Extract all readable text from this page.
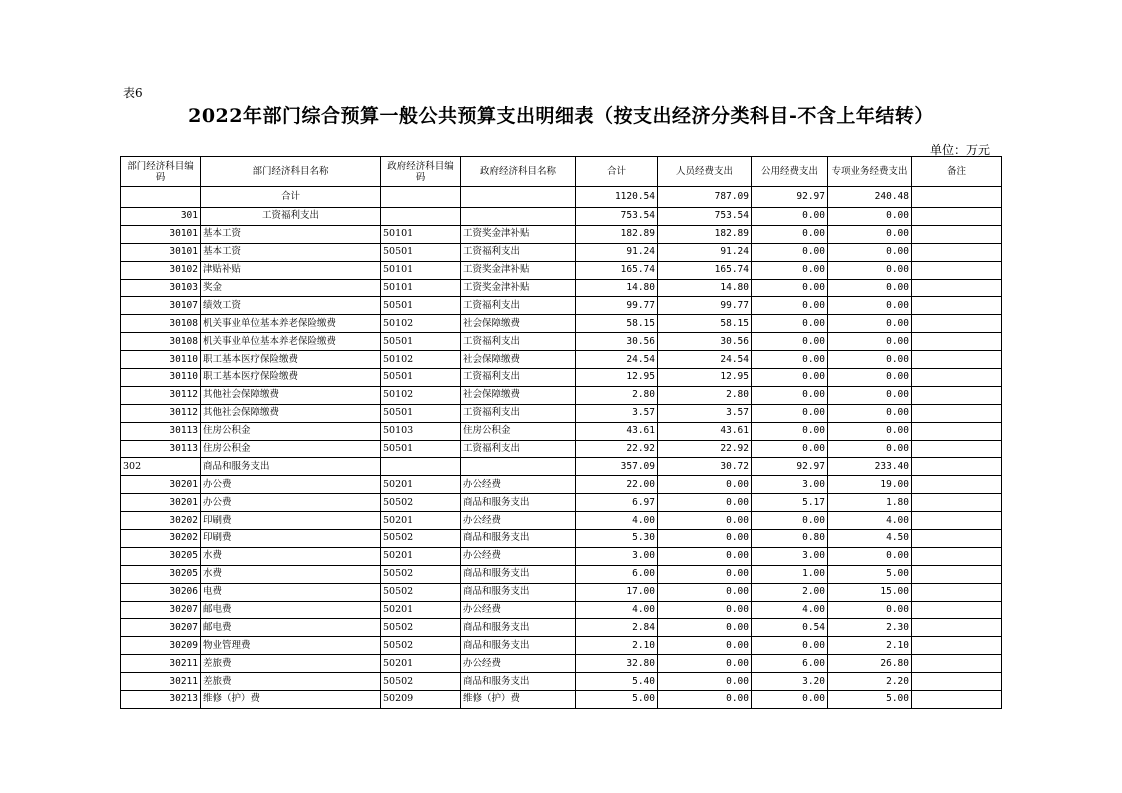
表6
2022年部门综合预算一般公共预算支出明细表（按支出经济分类科目-不含上年结转）
单位：万元
部门经济科目编码	部门经济科目名称	政府经济科目编码	政府经济科目名称	合计	人员经费支出	公用经费支出	专项业务经费支出	备注
	合计			1120.54	787.09	92.97	240.48	
301	工资福利支出			753.54	753.54	0.00	0.00	
30101	基本工资	50101	工资奖金津补贴	182.89	182.89	0.00	0.00	
30101	基本工资	50501	工资福利支出	91.24	91.24	0.00	0.00	
30102	津贴补贴	50101	工资奖金津补贴	165.74	165.74	0.00	0.00	
30103	奖金	50101	工资奖金津补贴	14.80	14.80	0.00	0.00	
30107	绩效工资	50501	工资福利支出	99.77	99.77	0.00	0.00	
30108	机关事业单位基本养老保险缴费	50102	社会保障缴费	58.15	58.15	0.00	0.00	
30108	机关事业单位基本养老保险缴费	50501	工资福利支出	30.56	30.56	0.00	0.00	
30110	职工基本医疗保险缴费	50102	社会保障缴费	24.54	24.54	0.00	0.00	
30110	职工基本医疗保险缴费	50501	工资福利支出	12.95	12.95	0.00	0.00	
30112	其他社会保障缴费	50102	社会保障缴费	2.80	2.80	0.00	0.00	
30112	其他社会保障缴费	50501	工资福利支出	3.57	3.57	0.00	0.00	
30113	住房公积金	50103	住房公积金	43.61	43.61	0.00	0.00	
30113	住房公积金	50501	工资福利支出	22.92	22.92	0.00	0.00	
302	商品和服务支出			357.09	30.72	92.97	233.40	
30201	办公费	50201	办公经费	22.00	0.00	3.00	19.00	
30201	办公费	50502	商品和服务支出	6.97	0.00	5.17	1.80	
30202	印刷费	50201	办公经费	4.00	0.00	0.00	4.00	
30202	印刷费	50502	商品和服务支出	5.30	0.00	0.80	4.50	
30205	水费	50201	办公经费	3.00	0.00	3.00	0.00	
30205	水费	50502	商品和服务支出	6.00	0.00	1.00	5.00	
30206	电费	50502	商品和服务支出	17.00	0.00	2.00	15.00	
30207	邮电费	50201	办公经费	4.00	0.00	4.00	0.00	
30207	邮电费	50502	商品和服务支出	2.84	0.00	0.54	2.30	
30209	物业管理费	50502	商品和服务支出	2.10	0.00	0.00	2.10	
30211	差旅费	50201	办公经费	32.80	0.00	6.00	26.80	
30211	差旅费	50502	商品和服务支出	5.40	0.00	3.20	2.20	
30213	维修（护）费	50209	维修（护）费	5.00	0.00	0.00	5.00	
